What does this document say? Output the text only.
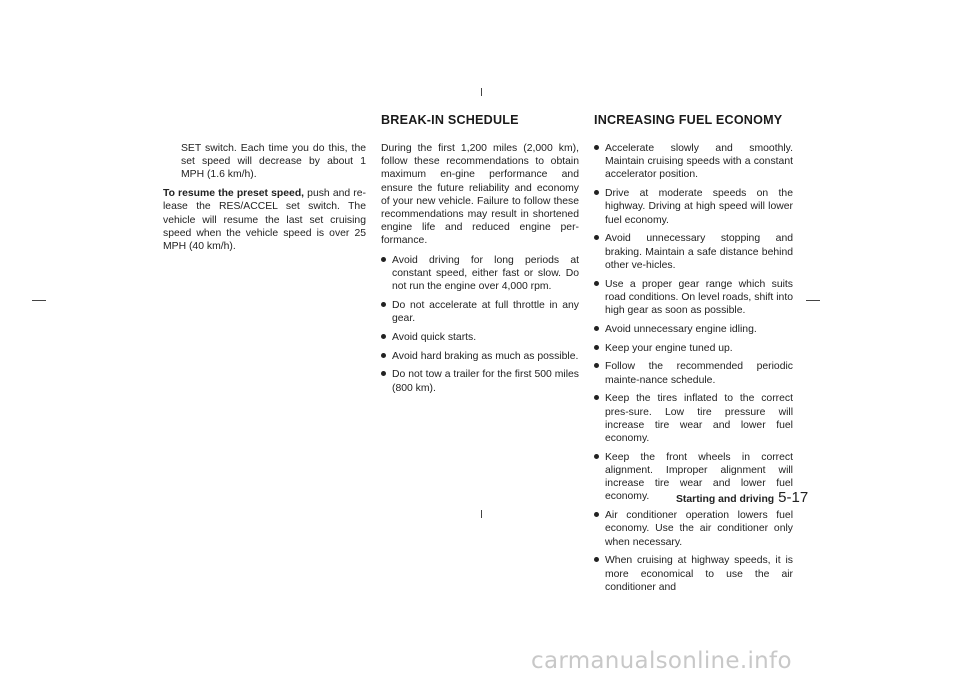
SET switch. Each time you do this, the set speed will decrease by about 1 MPH (1.6 km/h).

To resume the preset speed, push and re-lease the RES/ACCEL set switch. The vehicle will resume the last set cruising speed when the vehicle speed is over 25 MPH (40 km/h).

BREAK-IN SCHEDULE	INCREASING FUEL ECONOMY

During the first 1,200 miles (2,000 km), follow these recommendations to obtain maximum en-gine performance and ensure the future reliability and economy of your new vehicle. Failure to follow these recommendations may result in shortened engine life and reduced engine per-formance.

Avoid driving for long periods at constant speed, either fast or slow. Do not run the engine over 4,000 rpm.
Do not accelerate at full throttle in any gear.
Avoid quick starts.
Avoid hard braking as much as possible.
Do not tow a trailer for the first 500 miles (800 km).
Accelerate slowly and smoothly. Maintain cruising speeds with a constant accelerator position.
Drive at moderate speeds on the highway. Driving at high speed will lower fuel economy.
Avoid unnecessary stopping and braking. Maintain a safe distance behind other ve-hicles.
Use a proper gear range which suits road conditions. On level roads, shift into high gear as soon as possible.
Avoid unnecessary engine idling.
Keep your engine tuned up.
Follow the recommended periodic mainte-nance schedule.
Keep the tires inflated to the correct pres-sure. Low tire pressure will increase tire wear and lower fuel economy.
Keep the front wheels in correct alignment. Improper alignment will increase tire wear and lower fuel economy.
Air conditioner operation lowers fuel economy. Use the air conditioner only when necessary.
When cruising at highway speeds, it is more economical to use the air conditioner and
Starting and driving 5-17
carmanualsonline.info
